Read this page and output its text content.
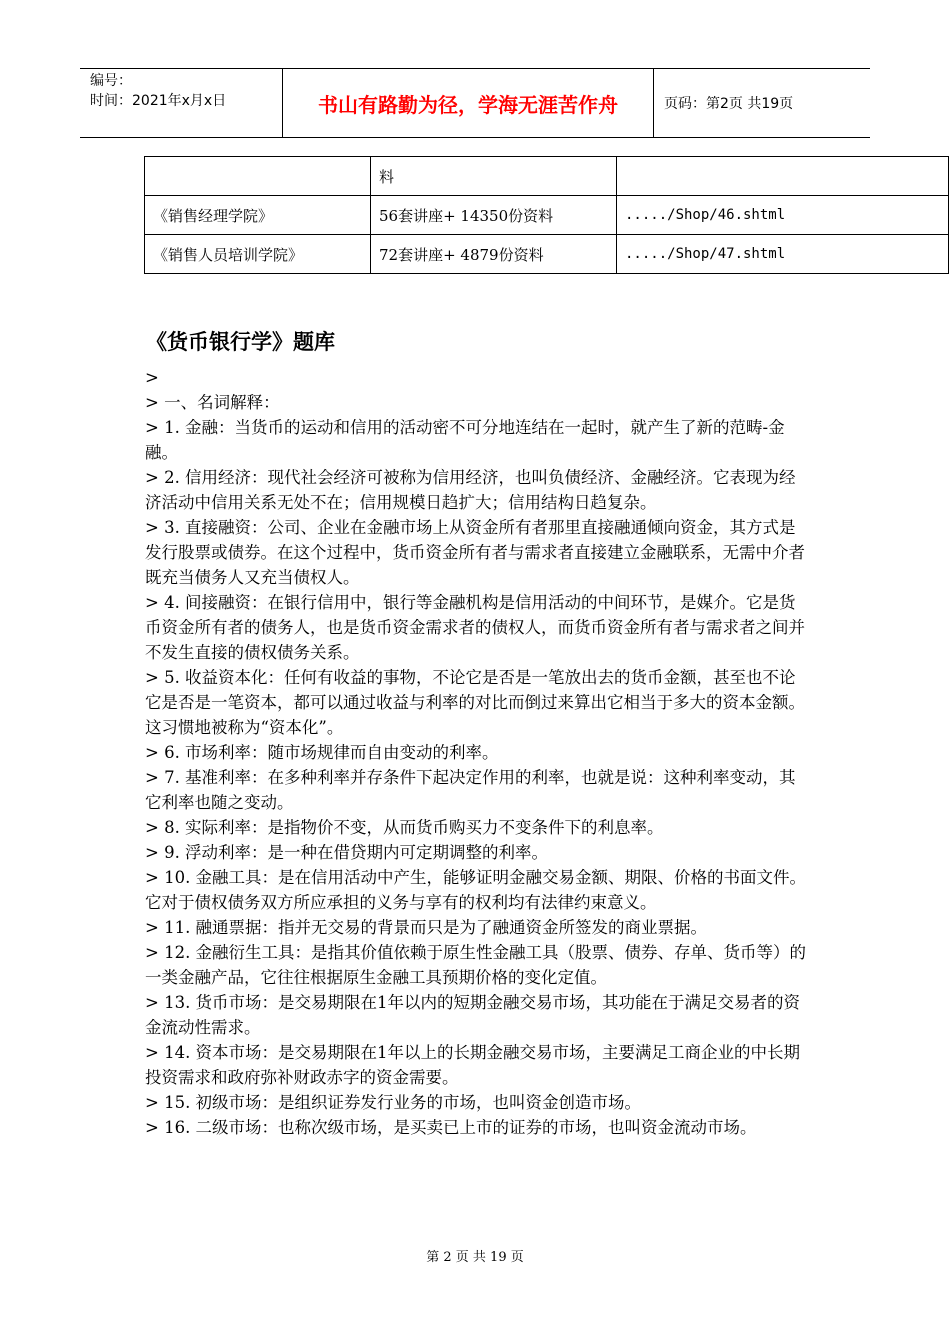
编号：
时间：2021年x月x日	书山有路勤为径，学海无涯苦作舟	页码：第2页 共19页
	料	
《销售经理学院》	56套讲座+ 14350份资料	...../Shop/46.shtml
《销售人员培训学院》	72套讲座+ 4879份资料	...../Shop/47.shtml
《货币银行学》题库

>

> 一、名词解释：

> 1. 金融：当货币的运动和信用的活动密不可分地连结在一起时，就产生了新的范畴-金融。

> 2. 信用经济：现代社会经济可被称为信用经济，也叫负债经济、金融经济。它表现为经济活动中信用关系无处不在；信用规模日趋扩大；信用结构日趋复杂。

> 3. 直接融资：公司、企业在金融市场上从资金所有者那里直接融通倾向资金，其方式是发行股票或债券。在这个过程中，货币资金所有者与需求者直接建立金融联系，无需中介者既充当债务人又充当债权人。

> 4. 间接融资：在银行信用中，银行等金融机构是信用活动的中间环节，是媒介。它是货币资金所有者的债务人，也是货币资金需求者的债权人，而货币资金所有者与需求者之间并不发生直接的债权债务关系。

> 5. 收益资本化：任何有收益的事物，不论它是否是一笔放出去的货币金额，甚至也不论它是否是一笔资本，都可以通过收益与利率的对比而倒过来算出它相当于多大的资本金额。这习惯地被称为“资本化”。

> 6. 市场利率：随市场规律而自由变动的利率。

> 7. 基准利率：在多种利率并存条件下起决定作用的利率，也就是说：这种利率变动，其它利率也随之变动。

> 8. 实际利率：是指物价不变，从而货币购买力不变条件下的利息率。

> 9. 浮动利率：是一种在借贷期内可定期调整的利率。

> 10. 金融工具：是在信用活动中产生，能够证明金融交易金额、期限、价格的书面文件。它对于债权债务双方所应承担的义务与享有的权利均有法律约束意义。

> 11. 融通票据：指并无交易的背景而只是为了融通资金所签发的商业票据。

> 12. 金融衍生工具：是指其价值依赖于原生性金融工具（股票、债券、存单、货币等）的一类金融产品，它往往根据原生金融工具预期价格的变化定值。

> 13. 货币市场：是交易期限在1年以内的短期金融交易市场，其功能在于满足交易者的资金流动性需求。

> 14. 资本市场：是交易期限在1年以上的长期金融交易市场，主要满足工商企业的中长期投资需求和政府弥补财政赤字的资金需要。

> 15. 初级市场：是组织证券发行业务的市场，也叫资金创造市场。

> 16. 二级市场：也称次级市场，是买卖已上市的证券的市场，也叫资金流动市场。

第 2 页 共 19 页
